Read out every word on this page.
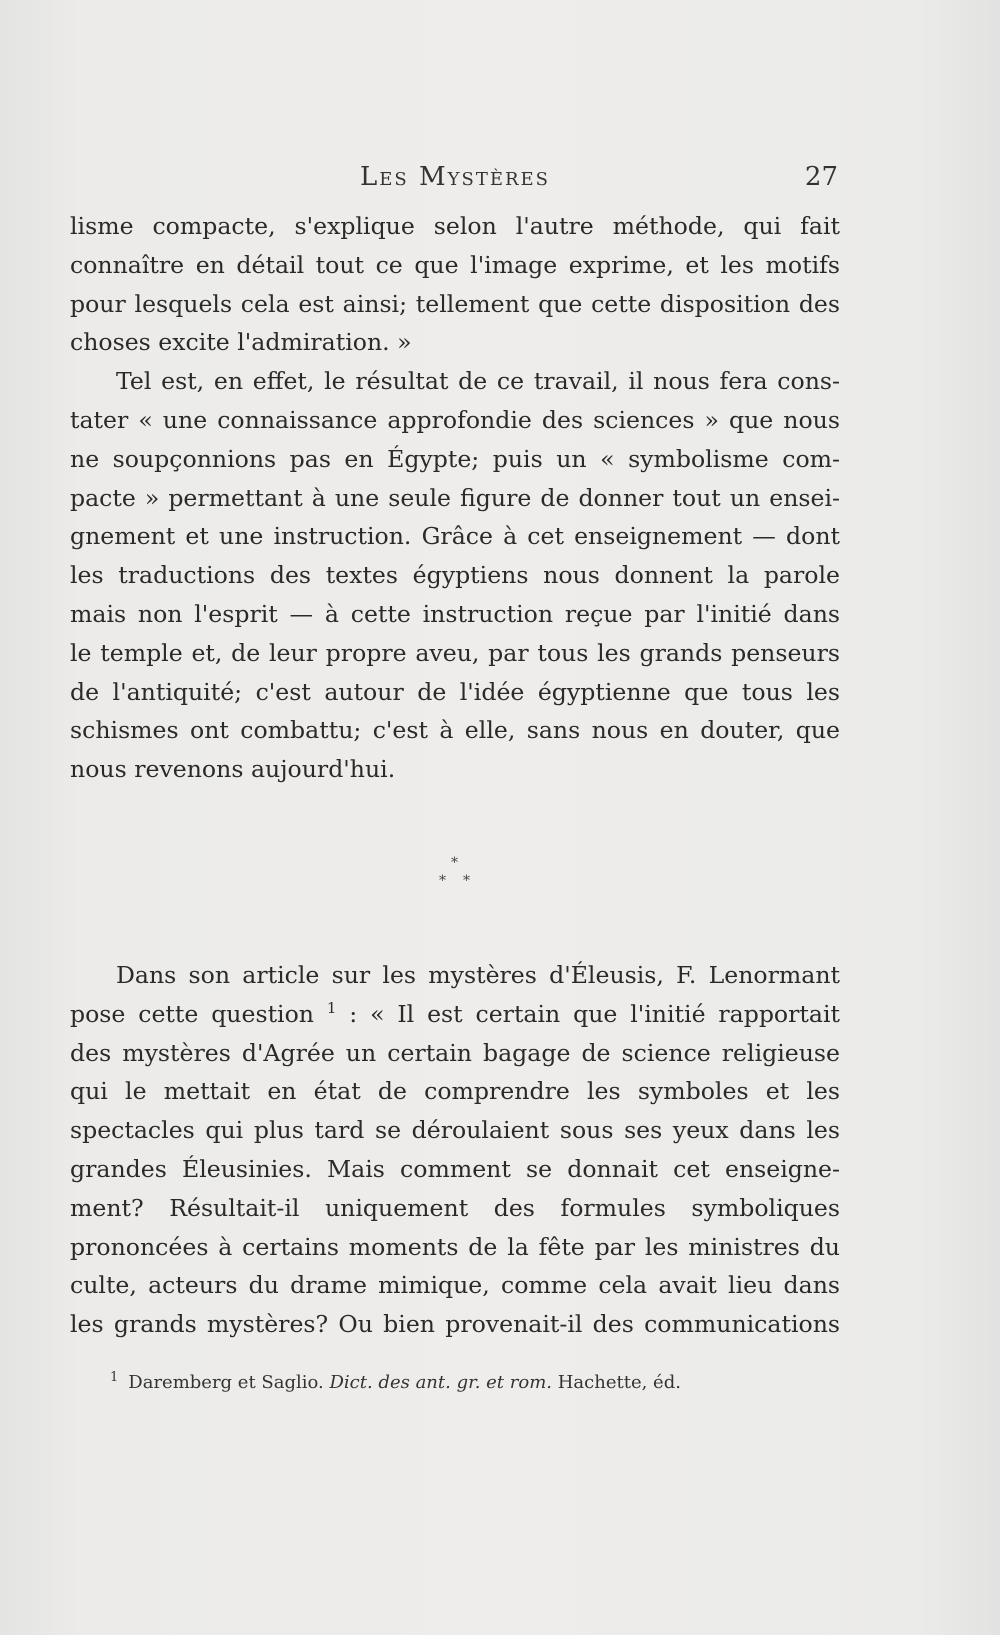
Les Mystères	27

lisme compacte, s'explique selon l'autre méthode, qui fait
connaître en détail tout ce que l'image exprime, et les motifs
pour lesquels cela est ainsi; tellement que cette disposition des
choses excite l'admiration. »

Tel est, en effet, le résultat de ce travail, il nous fera cons-
tater « une connaissance approfondie des sciences » que nous
ne soupçonnions pas en Égypte; puis un « symbolisme com-
pacte » permettant à une seule figure de donner tout un ensei-
gnement et une instruction. Grâce à cet enseignement — dont
les traductions des textes égyptiens nous donnent la parole
mais non l'esprit — à cette instruction reçue par l'initié dans
le temple et, de leur propre aveu, par tous les grands penseurs
de l'antiquité; c'est autour de l'idée égyptienne que tous les
schismes ont combattu; c'est à elle, sans nous en douter, que
nous revenons aujourd'hui.

*
* *

Dans son article sur les mystères d'Éleusis, F. Lenormant
pose cette question $^1$ : « Il est certain que l'initié rapportait
des mystères d'Agrée un certain bagage de science religieuse
qui le mettait en état de comprendre les symboles et les
spectacles qui plus tard se déroulaient sous ses yeux dans les
grandes Éleusinies. Mais comment se donnait cet enseigne-
ment? Résultait-il uniquement des formules symboliques
prononcées à certains moments de la fête par les ministres du
culte, acteurs du drame mimique, comme cela avait lieu dans
les grands mystères? Ou bien provenait-il des communications

$^1$ Daremberg et Saglio. Dict. des ant. gr. et rom. Hachette, éd.
